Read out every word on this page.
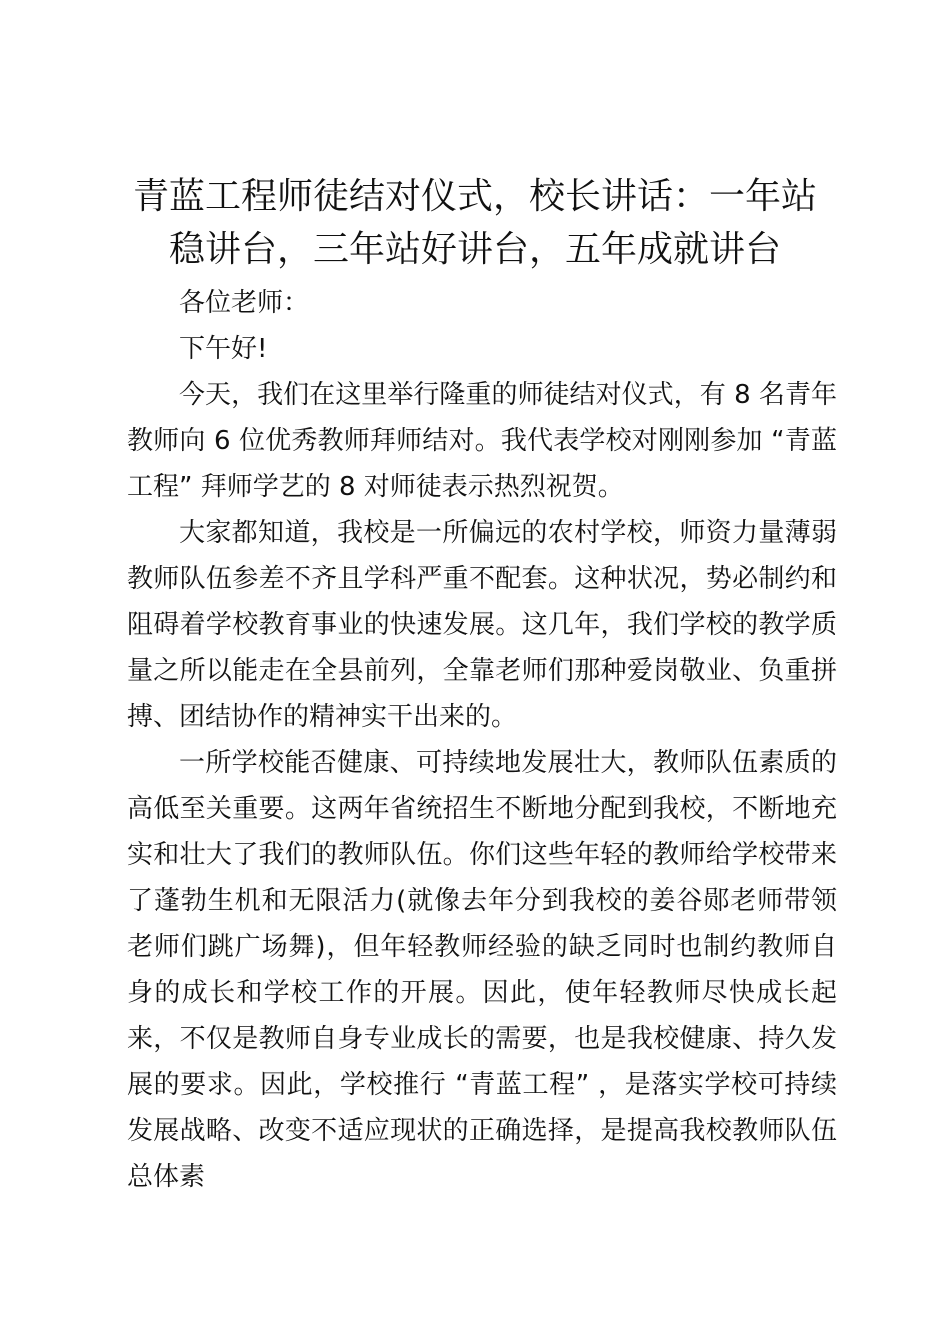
青蓝工程师徒结对仪式，校长讲话：一年站稳讲台，三年站好讲台，五年成就讲台

各位老师：

下午好!

今天，我们在这里举行隆重的师徒结对仪式，有 8 名青年教师向 6 位优秀教师拜师结对。我代表学校对刚刚参加 “青蓝工程” 拜师学艺的 8 对师徒表示热烈祝贺。

大家都知道，我校是一所偏远的农村学校，师资力量薄弱教师队伍参差不齐且学科严重不配套。这种状况，势必制约和阻碍着学校教育事业的快速发展。这几年，我们学校的教学质量之所以能走在全县前列，全靠老师们那种爱岗敬业、负重拼搏、团结协作的精神实干出来的。

一所学校能否健康、可持续地发展壮大，教师队伍素质的高低至关重要。这两年省统招生不断地分配到我校，不断地充实和壮大了我们的教师队伍。你们这些年轻的教师给学校带来了蓬勃生机和无限活力(就像去年分到我校的姜谷郧老师带领老师们跳广场舞)，但年轻教师经验的缺乏同时也制约教师自身的成长和学校工作的开展。因此，使年轻教师尽快成长起来，不仅是教师自身专业成长的需要，也是我校健康、持久发展的要求。因此，学校推行 “青蓝工程” ，是落实学校可持续发展战略、改变不适应现状的正确选择，是提高我校教师队伍总体素
